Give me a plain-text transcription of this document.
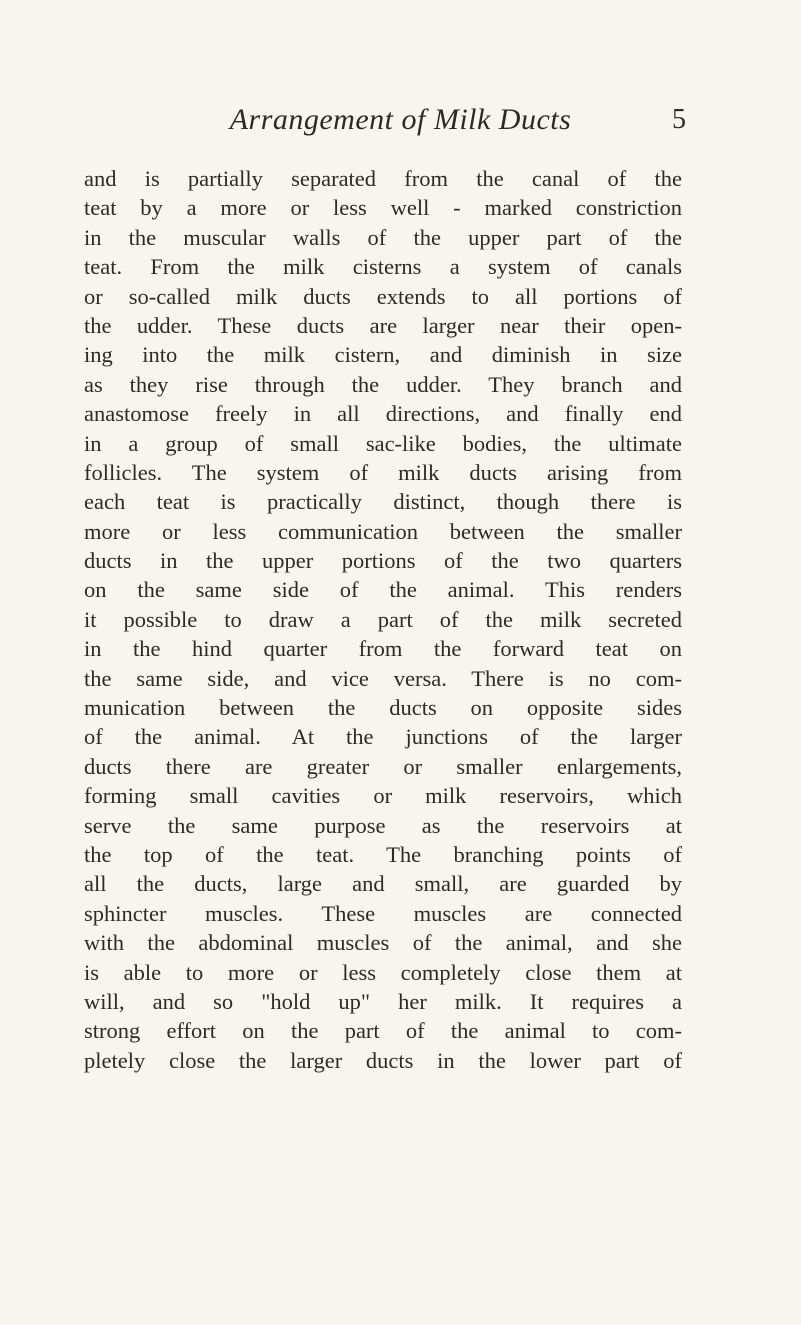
Arrangement of Milk Ducts	5
and is partially separated from the canal of the
teat by a more or less well - marked constriction
in the muscular walls of the upper part of the
teat. From the milk cisterns a system of canals
or so-called milk ducts extends to all portions of
the udder. These ducts are larger near their open-
ing into the milk cistern, and diminish in size
as they rise through the udder. They branch and
anastomose freely in all directions, and finally end
in a group of small sac-like bodies, the ultimate
follicles. The system of milk ducts arising from
each teat is practically distinct, though there is
more or less communication between the smaller
ducts in the upper portions of the two quarters
on the same side of the animal. This renders
it possible to draw a part of the milk secreted
in the hind quarter from the forward teat on
the same side, and vice versa. There is no com-
munication between the ducts on opposite sides
of the animal. At the junctions of the larger
ducts there are greater or smaller enlargements,
forming small cavities or milk reservoirs, which
serve the same purpose as the reservoirs at
the top of the teat. The branching points of
all the ducts, large and small, are guarded by
sphincter muscles. These muscles are connected
with the abdominal muscles of the animal, and she
is able to more or less completely close them at
will, and so "hold up" her milk. It requires a
strong effort on the part of the animal to com-
pletely close the larger ducts in the lower part of
